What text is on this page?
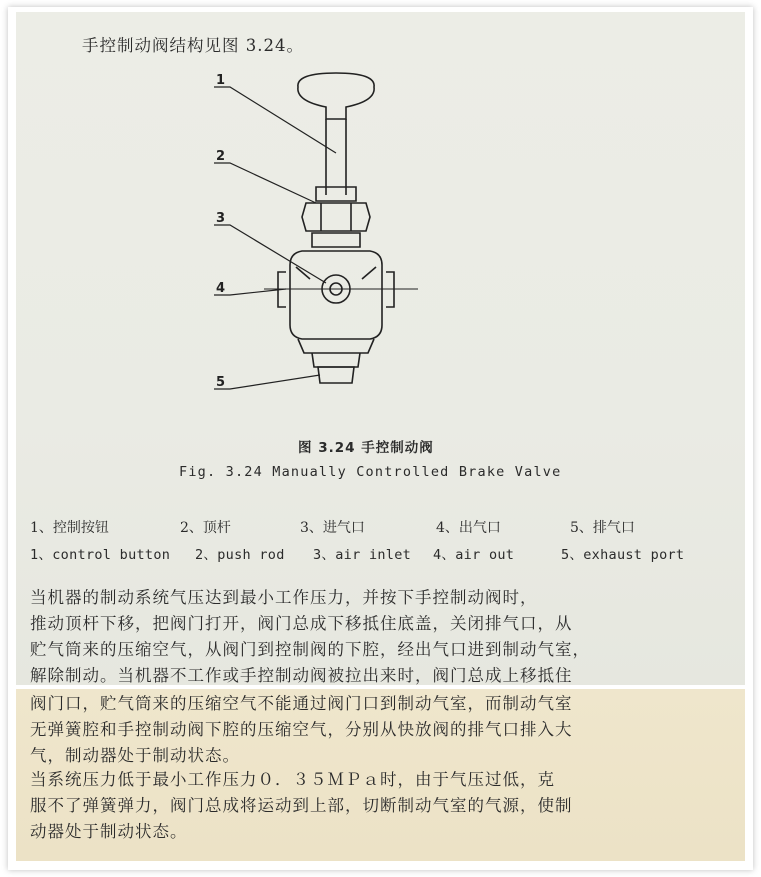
手控制动阀结构见图 3.24。
1
2
3
4
5
图 3.24 手控制动阀
Fig. 3.24 Manually Controlled Brake Valve
1、控制按钮	2、顶杆	3、进气口	4、出气口	5、排气口
1、control button	2、push rod	3、air inlet	4、air out	5、exhaust port
当机器的制动系统气压达到最小工作压力，并按下手控制动阀时，
推动顶杆下移，把阀门打开，阀门总成下移抵住底盖，关闭排气口，从
贮气筒来的压缩空气，从阀门到控制阀的下腔，经出气口进到制动气室，
解除制动。当机器不工作或手控制动阀被拉出来时，阀门总成上移抵住
阀门口，贮气筒来的压缩空气不能通过阀门口到制动气室，而制动气室
无弹簧腔和手控制动阀下腔的压缩空气，分别从快放阀的排气口排入大
气，制动器处于制动状态。
当系统压力低于最小工作压力０．３５ＭＰａ时，由于气压过低，克
服不了弹簧弹力，阀门总成将运动到上部，切断制动气室的气源，使制
动器处于制动状态。
